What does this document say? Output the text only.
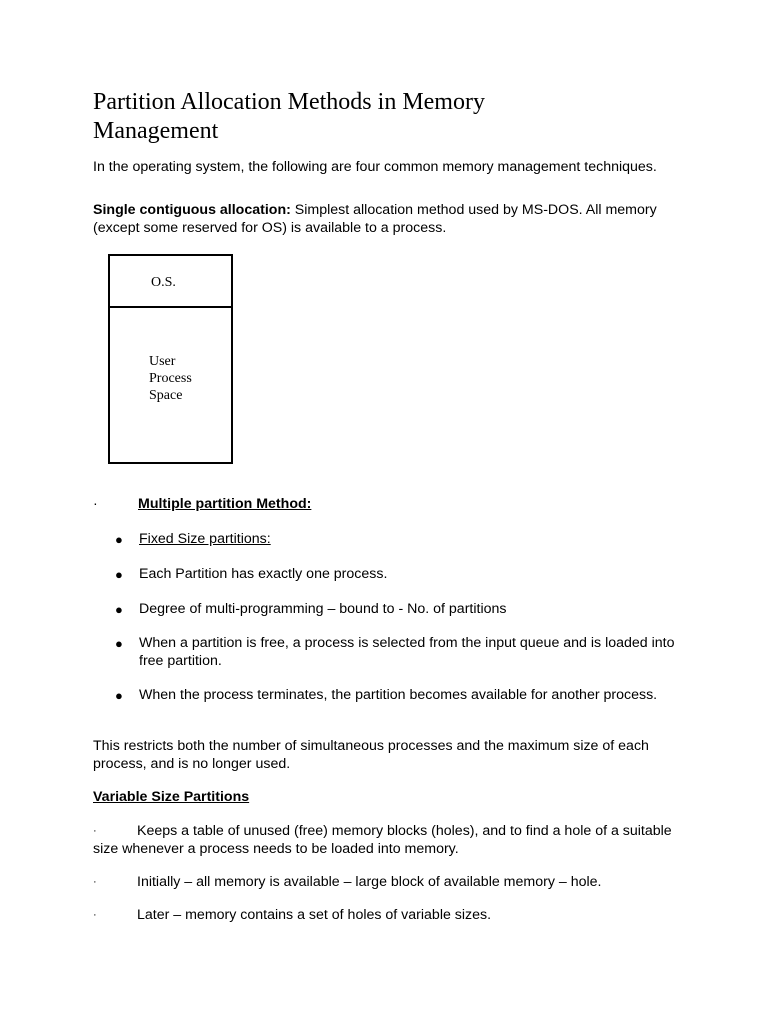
Partition Allocation Methods in Memory Management

In the operating system, the following are four common memory management techniques.

Single contiguous allocation: Simplest allocation method used by MS-DOS. All memory (except some reserved for OS) is available to a process.

O.S.
User
Process
Space
·	Multiple partition Method:
● Fixed Size partitions:
● Each Partition has exactly one process.
● Degree of multi-programming – bound to - No. of partitions
● When a partition is free, a process is selected from the input queue and is loaded into free partition.
● When the process terminates, the partition becomes available for another process.

This restricts both the number of simultaneous processes and the maximum size of each process, and is no longer used.

Variable Size Partitions
·	Keeps a table of unused (free) memory blocks (holes), and to find a hole of a suitable size whenever a process needs to be loaded into memory.
·	Initially – all memory is available – large block of available memory – hole.
·	Later – memory contains a set of holes of variable sizes.
